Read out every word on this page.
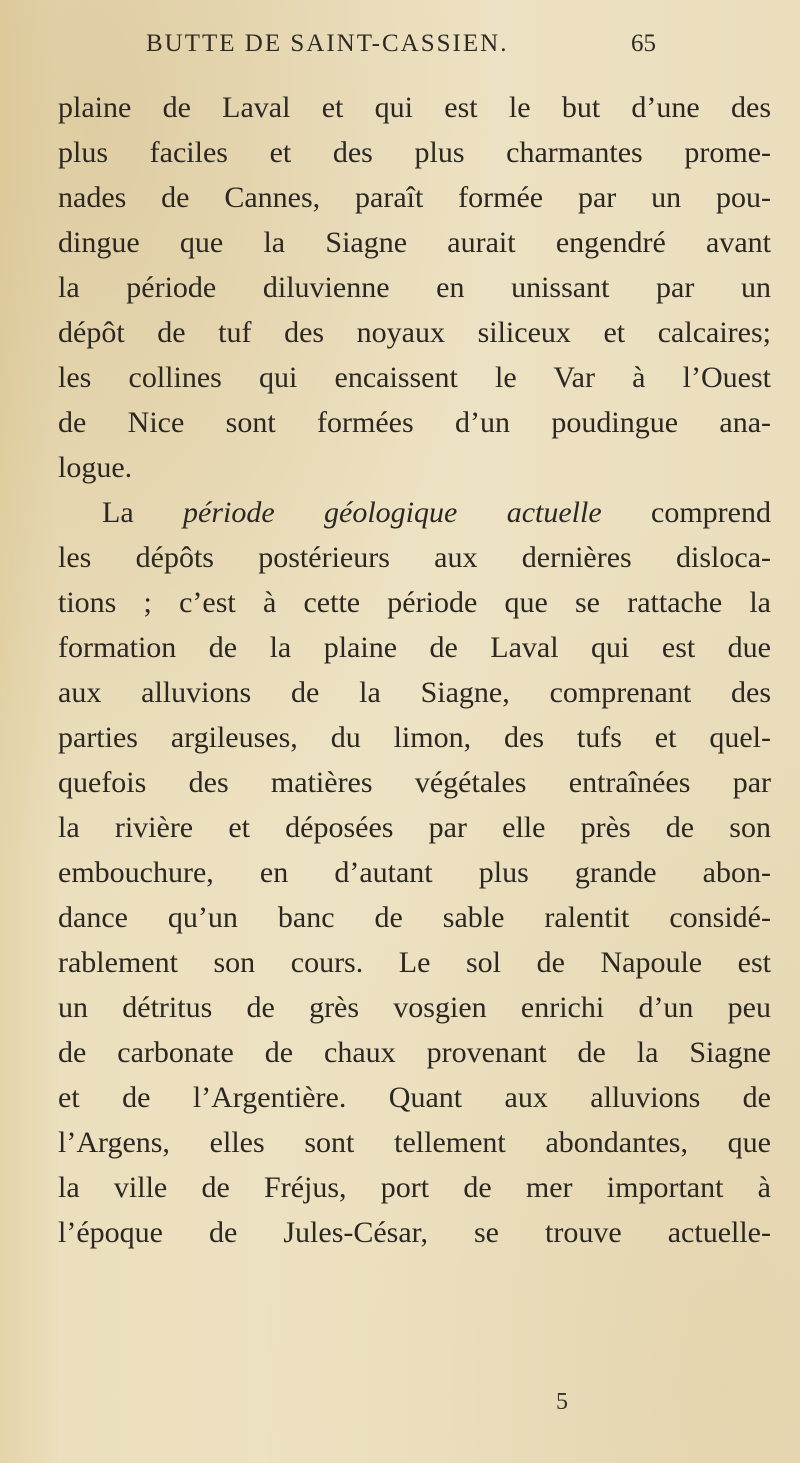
BUTTE DE SAINT-CASSIEN.	65
plaine de Laval et qui est le but d’une des
plus faciles et des plus charmantes prome-
nades de Cannes, paraît formée par un pou-
dingue que la Siagne aurait engendré avant
la période diluvienne en unissant par un
dépôt de tuf des noyaux siliceux et calcaires;
les collines qui encaissent le Var à l’Ouest
de Nice sont formées d’un poudingue ana-
logue.
La période géologique actuelle comprend
les dépôts postérieurs aux dernières disloca-
tions ; c’est à cette période que se rattache la
formation de la plaine de Laval qui est due
aux alluvions de la Siagne, comprenant des
parties argileuses, du limon, des tufs et quel-
quefois des matières végétales entraînées par
la rivière et déposées par elle près de son
embouchure, en d’autant plus grande abon-
dance qu’un banc de sable ralentit considé-
rablement son cours. Le sol de Napoule est
un détritus de grès vosgien enrichi d’un peu
de carbonate de chaux provenant de la Siagne
et de l’Argentière. Quant aux alluvions de
l’Argens, elles sont tellement abondantes, que
la ville de Fréjus, port de mer important à
l’époque de Jules-César, se trouve actuelle-
5
